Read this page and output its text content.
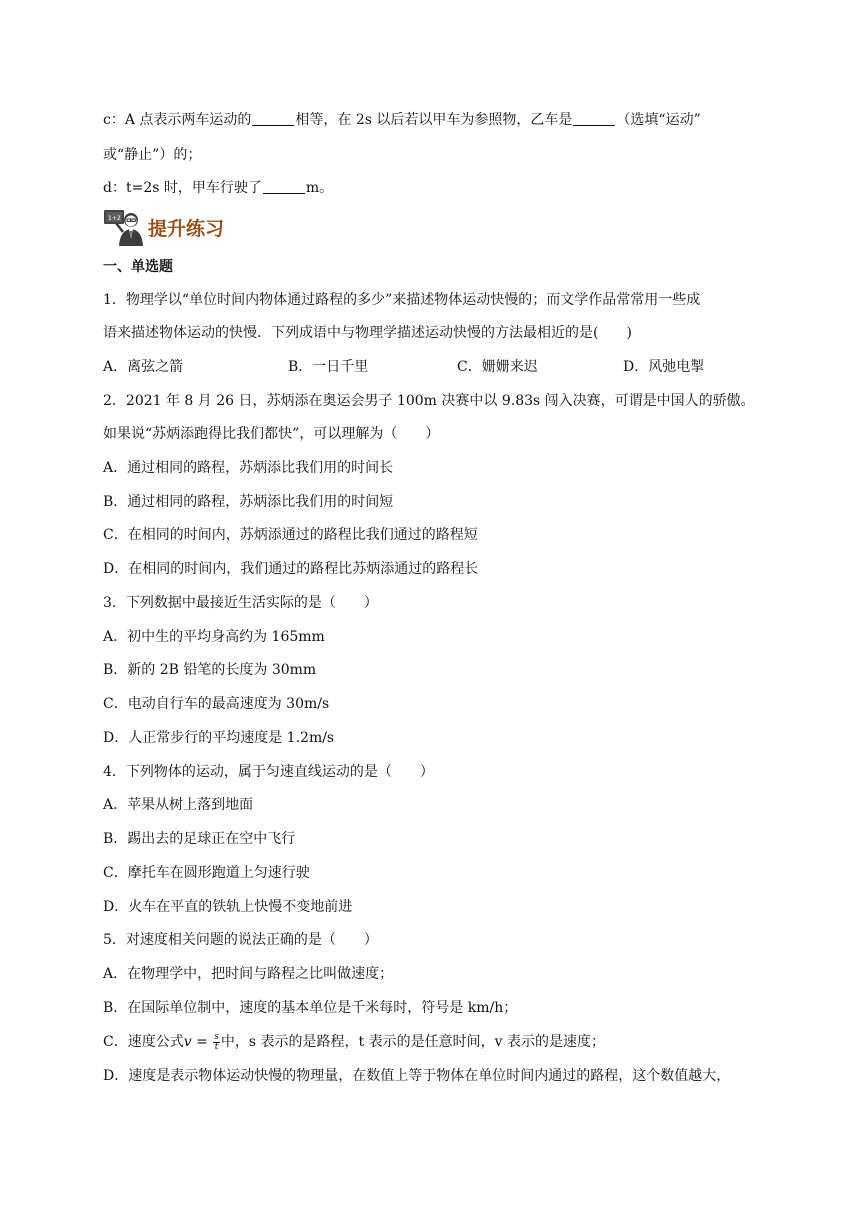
c：A 点表示两车运动的	相等，在 2s 以后若以甲车为参照物，乙车是	（选填“运动”
或“静止”）的；
d：t=2s 时，甲车行驶了	m。
1+2 提升练习
一、单选题
1．物理学以“单位时间内物体通过路程的多少”来描述物体运动快慢的；而文学作品常常用一些成
语来描述物体运动的快慢．下列成语中与物理学描述运动快慢的方法最相近的是(　　)
A．离弦之箭	B．一日千里	C．姗姗来迟	D．风弛电掣
2．2021 年 8 月 26 日，苏炳添在奥运会男子 100m 决赛中以 9.83s 闯入决赛，可谓是中国人的骄傲。
如果说“苏炳添跑得比我们都快”，可以理解为（　　）
A．通过相同的路程，苏炳添比我们用的时间长
B．通过相同的路程，苏炳添比我们用的时间短
C．在相同的时间内，苏炳添通过的路程比我们通过的路程短
D．在相同的时间内，我们通过的路程比苏炳添通过的路程长
3．下列数据中最接近生活实际的是（　　）
A．初中生的平均身高约为 165mm
B．新的 2B 铅笔的长度为 30mm
C．电动自行车的最高速度为 30m/s
D．人正常步行的平均速度是 1.2m/s
4．下列物体的运动，属于匀速直线运动的是（　　）
A．苹果从树上落到地面
B．踢出去的足球正在空中飞行
C．摩托车在圆形跑道上匀速行驶
D．火车在平直的铁轨上快慢不变地前进
5．对速度相关问题的说法正确的是（　　）
A．在物理学中，把时间与路程之比叫做速度；
B．在国际单位制中，速度的基本单位是千米每时，符号是 km/h；
C．速度公式$v = \frac{s}{t}$ 中，s 表示的是路程，t 表示的是任意时间，v 表示的是速度；
D．速度是表示物体运动快慢的物理量，在数值上等于物体在单位时间内通过的路程，这个数值越大，
